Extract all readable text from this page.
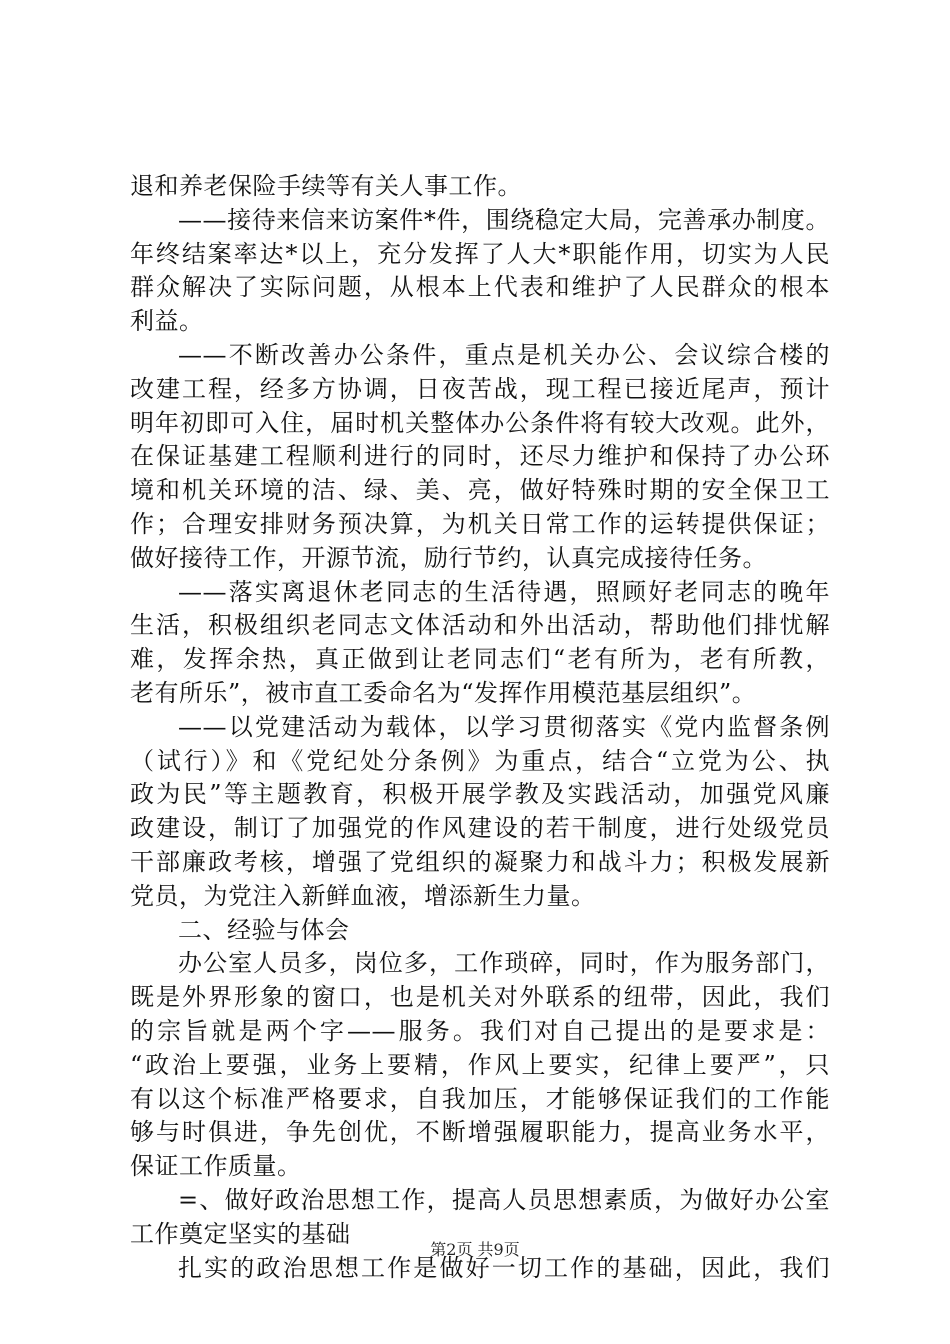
退和养老保险手续等有关人事工作。
——接待来信来访案件*件，围绕稳定大局，完善承办制度。
年终结案率达*以上，充分发挥了人大*职能作用，切实为人民
群众解决了实际问题，从根本上代表和维护了人民群众的根本
利益。
——不断改善办公条件，重点是机关办公、会议综合楼的
改建工程，经多方协调，日夜苦战，现工程已接近尾声，预计
明年初即可入住，届时机关整体办公条件将有较大改观。此外，
在保证基建工程顺利进行的同时，还尽力维护和保持了办公环
境和机关环境的洁、绿、美、亮，做好特殊时期的安全保卫工
作；合理安排财务预决算，为机关日常工作的运转提供保证；
做好接待工作，开源节流，励行节约，认真完成接待任务。
——落实离退休老同志的生活待遇，照顾好老同志的晚年
生活，积极组织老同志文体活动和外出活动，帮助他们排忧解
难，发挥余热，真正做到让老同志们“老有所为，老有所教，
老有所乐”，被市直工委命名为“发挥作用模范基层组织”。
——以党建活动为载体，以学习贯彻落实《党内监督条例
（试行）》和《党纪处分条例》为重点，结合“立党为公、执
政为民”等主题教育，积极开展学教及实践活动，加强党风廉
政建设，制订了加强党的作风建设的若干制度，进行处级党员
干部廉政考核，增强了党组织的凝聚力和战斗力；积极发展新
党员，为党注入新鲜血液，增添新生力量。
二、经验与体会
办公室人员多，岗位多，工作琐碎，同时，作为服务部门，
既是外界形象的窗口，也是机关对外联系的纽带，因此，我们
的宗旨就是两个字——服务。我们对自己提出的是要求是：
“政治上要强，业务上要精，作风上要实，纪律上要严”，只
有以这个标准严格要求，自我加压，才能够保证我们的工作能
够与时俱进，争先创优，不断增强履职能力，提高业务水平，
保证工作质量。
=、做好政治思想工作，提高人员思想素质，为做好办公室
工作奠定坚实的基础
扎实的政治思想工作是做好一切工作的基础，因此，我们
第2页 共9页
